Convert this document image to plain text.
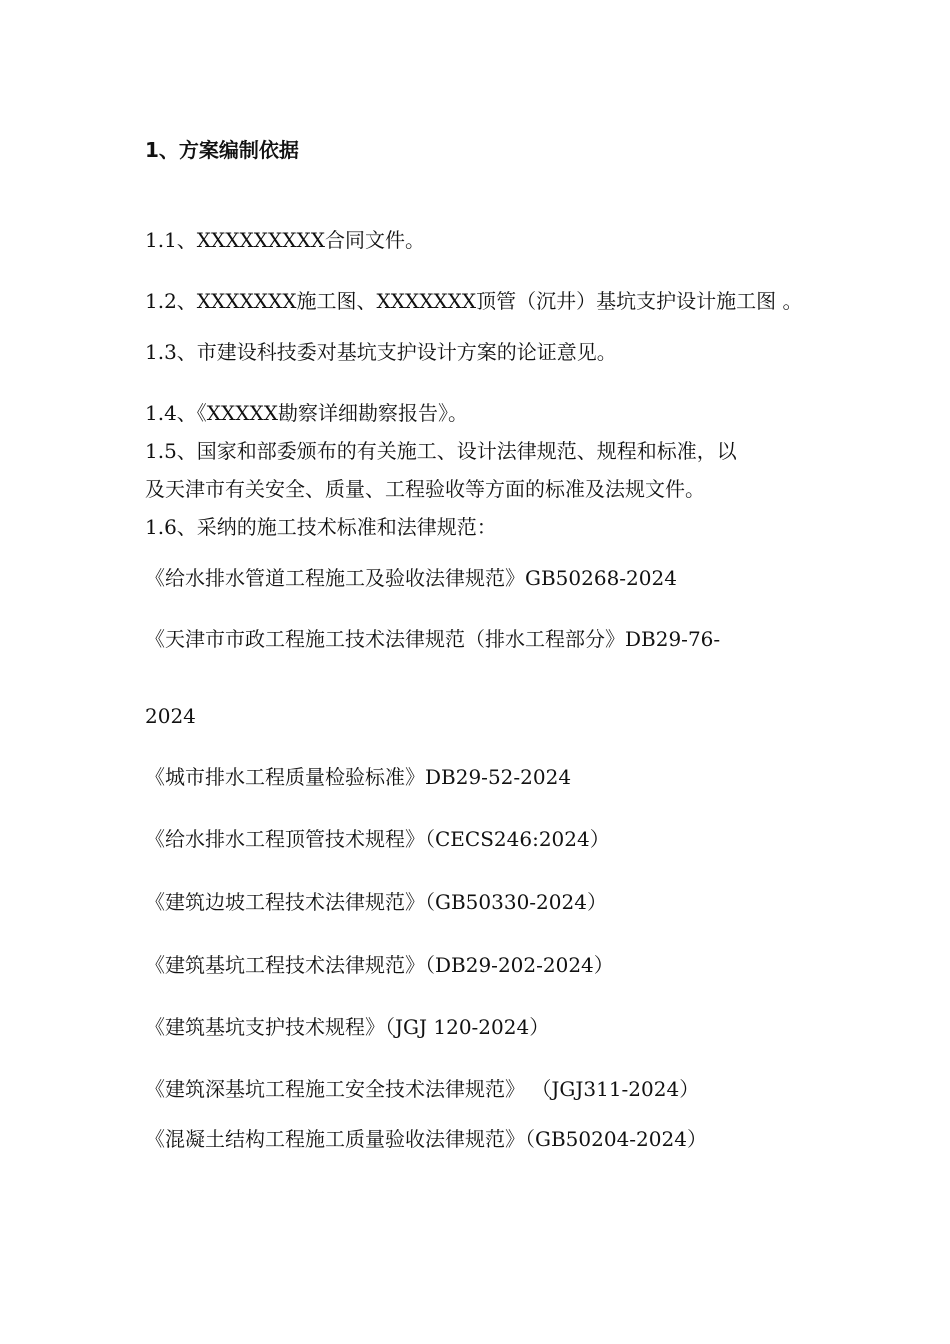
1、方案编制依据
1.1、XXXXXXXXX合同文件。
1.2、XXXXXXX施工图、XXXXXXX顶管（沉井）基坑支护设计施工图 。
1.3、市建设科技委对基坑支护设计方案的论证意见。
1.4、《XXXXX勘察详细勘察报告》。
1.5、国家和部委颁布的有关施工、设计法律规范、规程和标准，以
及天津市有关安全、质量、工程验收等方面的标准及法规文件。
1.6、采纳的施工技术标准和法律规范：
《给水排水管道工程施工及验收法律规范》GB50268-2024
《天津市市政工程施工技术法律规范（排水工程部分》DB29-76-
2024
《城市排水工程质量检验标准》DB29-52-2024
《给水排水工程顶管技术规程》（CECS246:2024）
《建筑边坡工程技术法律规范》（GB50330-2024）
《建筑基坑工程技术法律规范》（DB29-202-2024）
《建筑基坑支护技术规程》（JGJ 120-2024）
《建筑深基坑工程施工安全技术法律规范》 （JGJ311-2024）
《混凝土结构工程施工质量验收法律规范》（GB50204-2024）
